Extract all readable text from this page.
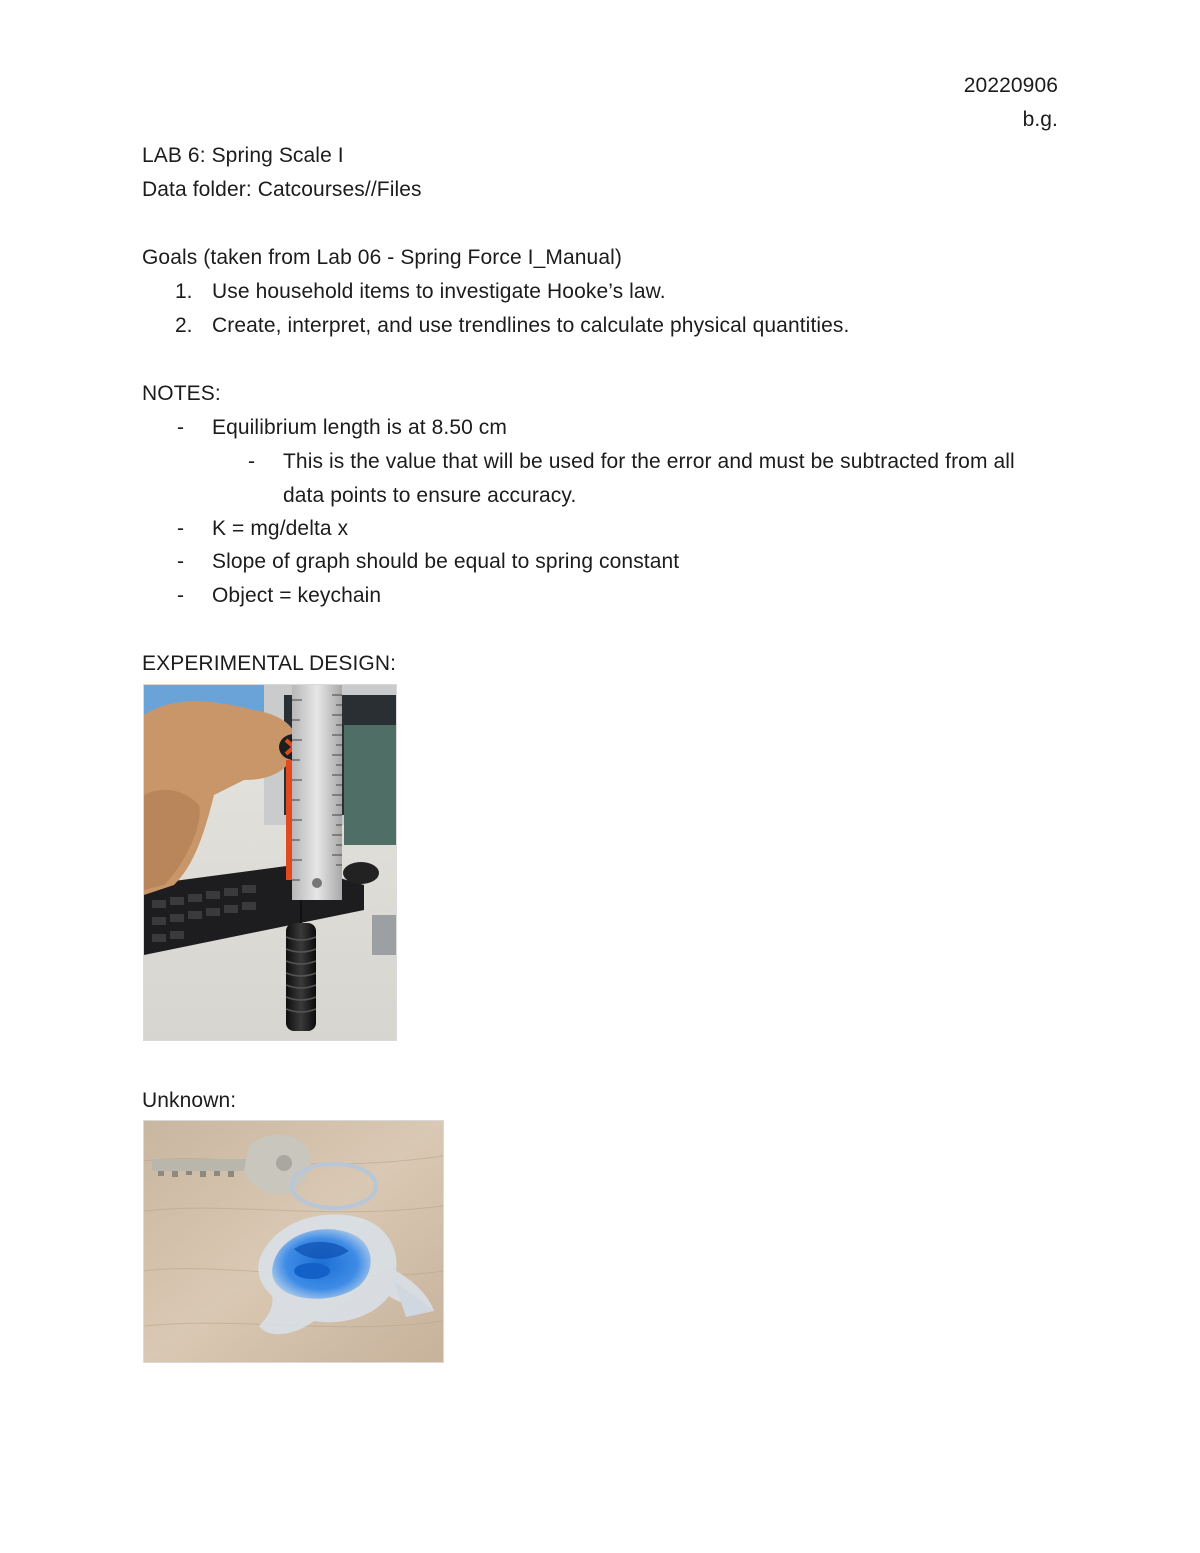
20220906
b.g.
LAB 6: Spring Scale I
Data folder: Catcourses//Files
Goals (taken from Lab 06 - Spring Force I_Manual)
1. Use household items to investigate Hooke’s law.
2. Create, interpret, and use trendlines to calculate physical quantities.
NOTES:
- Equilibrium length is at 8.50 cm
- This is the value that will be used for the error and must be subtracted from all
data points to ensure accuracy.
- K = mg/delta x
- Slope of graph should be equal to spring constant
- Object = keychain
EXPERIMENTAL DESIGN:
Unknown:
